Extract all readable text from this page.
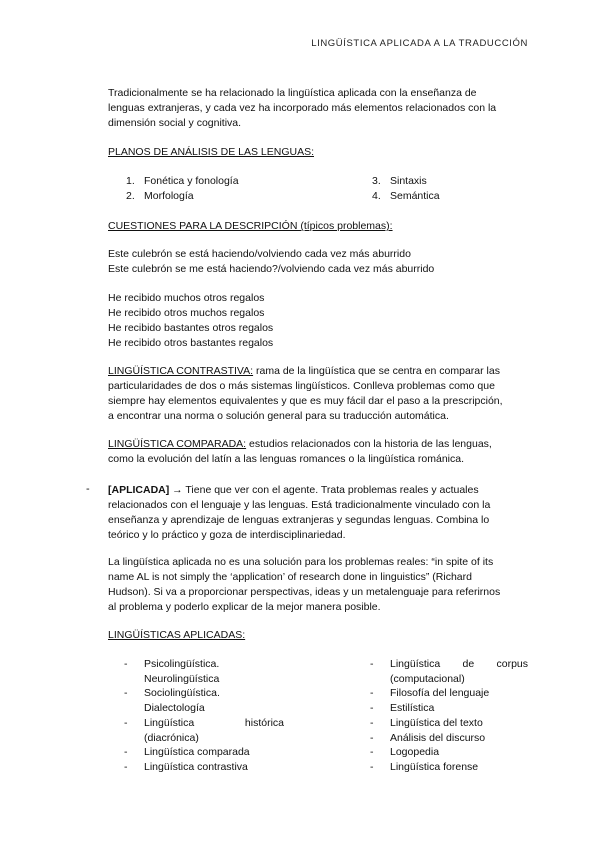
LINGÜÍSTICA APLICADA A LA TRADUCCIÓN
Tradicionalmente se ha relacionado la lingüística aplicada con la enseñanza de
lenguas extranjeras, y cada vez ha incorporado más elementos relacionados con la
dimensión social y cognitiva.
PLANOS DE ANÁLISIS DE LAS LENGUAS:
1. Fonética y fonología
2. Morfología
3. Sintaxis
4. Semántica
CUESTIONES PARA LA DESCRIPCIÓN (típicos problemas):
Este culebrón se está haciendo/volviendo cada vez más aburrido
Este culebrón se me está haciendo?/volviendo cada vez más aburrido
He recibido muchos otros regalos
He recibido otros muchos regalos
He recibido bastantes otros regalos
He recibido otros bastantes regalos
LINGÜÍSTICA CONTRASTIVA: rama de la lingüística que se centra en comparar las
particularidades de dos o más sistemas lingüísticos. Conlleva problemas como que
siempre hay elementos equivalentes y que es muy fácil dar el paso a la prescripción,
a encontrar una norma o solución general para su traducción automática.
LINGÜÍSTICA COMPARADA: estudios relacionados con la historia de las lenguas,
como la evolución del latín a las lenguas romances o la lingüística románica.
- [APLICADA] → Tiene que ver con el agente. Trata problemas reales y actuales
relacionados con el lenguaje y las lenguas. Está tradicionalmente vinculado con la
enseñanza y aprendizaje de lenguas extranjeras y segundas lenguas. Combina lo
teórico y lo práctico y goza de interdisciplinariedad.
La lingüística aplicada no es una solución para los problemas reales: “in spite of its
name AL is not simply the ‘application’ of research done in linguistics” (Richard
Hudson). Si va a proporcionar perspectivas, ideas y un metalenguaje para referirnos
al problema y poderlo explicar de la mejor manera posible.
LINGÜÍSTICAS APLICADAS:
- Psicolingüística.
Neurolingüística
- Sociolingüística.
Dialectología
- Lingüística	histórica
(diacrónica)
- Lingüística comparada
- Lingüística contrastiva
- Lingüística de corpus
(computacional)
- Filosofía del lenguaje
- Estilística
- Lingüística del texto
- Análisis del discurso
- Logopedia
- Lingüística forense
